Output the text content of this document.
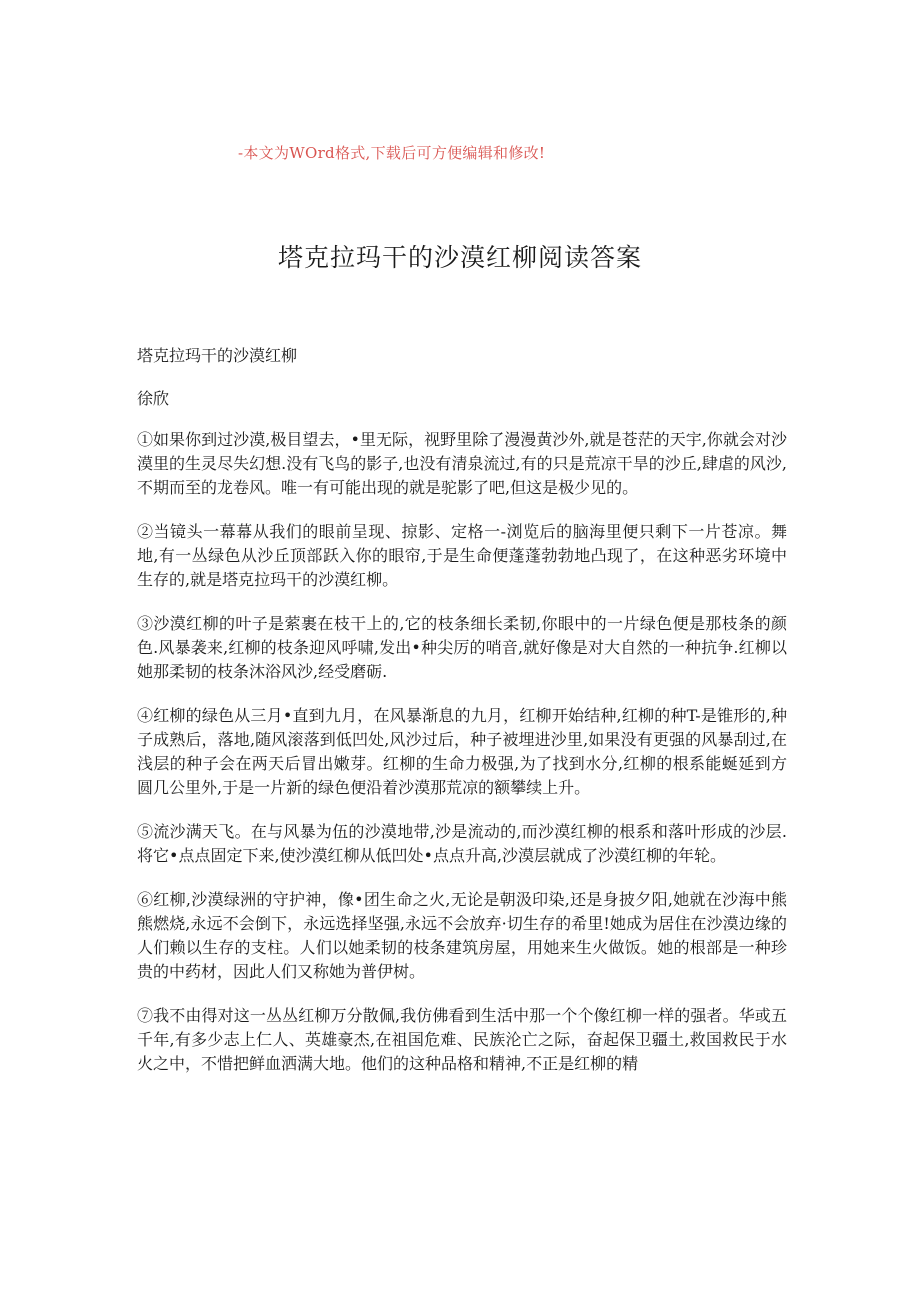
-本文为WOrd格式,下载后可方便编辑和修改!
塔克拉玛干的沙漠红柳阅读答案

塔克拉玛干的沙漠红柳

徐欣

①如果你到过沙漠,极目望去，•里无际，视野里除了漫漫黄沙外,就是苍茫的天宇,你就会对沙漠里的生灵尽失幻想.没有飞鸟的影子,也没有清泉流过,有的只是荒凉干旱的沙丘,肆虐的风沙,不期而至的龙卷风。唯一有可能出现的就是驼影了吧,但这是极少见的。

②当镜头一幕幕从我们的眼前呈现、掠影、定格一-浏览后的脑海里便只剩下一片苍凉。舞地,有一丛绿色从沙丘顶部跃入你的眼帘,于是生命便蓬蓬勃勃地凸现了，在这种恶劣环境中生存的,就是塔克拉玛干的沙漠红柳。

③沙漠红柳的叶子是萦裹在枝干上的,它的枝条细长柔韧,你眼中的一片绿色便是那枝条的颜色.风暴袭来,红柳的枝条迎风呼啸,发出•种尖厉的哨音,就好像是对大自然的一种抗争.红柳以她那柔韧的枝条沐浴风沙,经受磨砺.

④红柳的绿色从三月•直到九月，在风暴渐息的九月，红柳开始结种,红柳的种T-是锥形的,种子成熟后，落地,随风滚落到低凹处,风沙过后，种子被埋进沙里,如果没有更强的风暴刮过,在浅层的种子会在两天后冒出嫩芽。红柳的生命力极强,为了找到水分,红柳的根系能蜒延到方圆几公里外,于是一片新的绿色便沿着沙漠那荒凉的额攀续上升。

⑤流沙满天飞。在与风暴为伍的沙漠地带,沙是流动的,而沙漠红柳的根系和落叶形成的沙层.将它•点点固定下来,使沙漠红柳从低凹处•点点升高,沙漠层就成了沙漠红柳的年轮。

⑥红柳,沙漠绿洲的守护神，像•团生命之火,无论是朝汲印染,还是身披夕阳,她就在沙海中熊熊燃烧,永远不会倒下，永远选择坚强,永远不会放弃·切生存的希里!她成为居住在沙漠边缘的人们赖以生存的支柱。人们以她柔韧的枝条建筑房屋，用她来生火做饭。她的根部是一种珍贵的中药材，因此人们又称她为普伊树。

⑦我不由得对这一丛丛红柳万分散佩,我仿佛看到生活中那一个个像红柳一样的强者。华或五千年,有多少志上仁人、英雄豪杰,在祖国危难、民族沦亡之际，奋起保卫疆土,救国救民于水火之中，不惜把鲜血洒满大地。他们的这种品格和精神,不正是红柳的精
